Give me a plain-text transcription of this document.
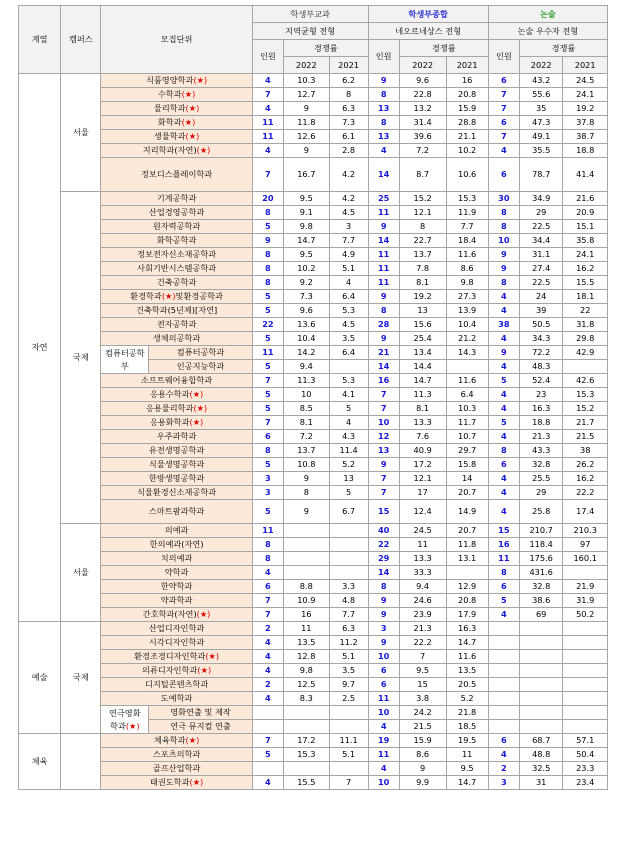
계열	캠퍼스	모집단위		학생부교과			학생부종합			논술		
				지역균형 전형			네오르네상스 전형			논술 우수자 전형		
				인원	경쟁률		인원	경쟁률		인원	경쟁률	
					2022	2021		2022	2021		2022	2021
자연	서울	식품영양학과(★)		4	10.3	6.2	9	9.6	16	6	43.2	24.5
		수학과(★)		7	12.7	8	8	22.8	20.8	7	55.6	24.1
		물리학과(★)		4	9	6.3	13	13.2	15.9	7	35	19.2
		화학과(★)		11	11.8	7.3	8	31.4	28.8	6	47.3	37.8
		생물학과(★)		11	12.6	6.1	13	39.6	21.1	7	49.1	38.7
		지리학과(자연)(★)		4	9	2.8	4	7.2	10.2	4	35.5	18.8
		정보디스플레이학과		7	16.7	4.2	14	8.7	10.6	6	78.7	41.4
	국제	기계공학과		20	9.5	4.2	25	15.2	15.3	30	34.9	21.6
		산업경영공학과		8	9.1	4.5	11	12.1	11.9	8	29	20.9
		원자력공학과		5	9.8	3	9	8	7.7	8	22.5	15.1
		화학공학과		9	14.7	7.7	14	22.7	18.4	10	34.4	35.8
		정보전자신소재공학과		8	9.5	4.9	11	13.7	11.6	9	31.1	24.1
		사회기반시스템공학과		8	10.2	5.1	11	7.8	8.6	9	27.4	16.2
		건축공학과		8	9.2	4	11	8.1	9.8	8	22.5	15.5
		환경학과(★)및환경공학과		5	7.3	6.4	9	19.2	27.3	4	24	18.1
		건축학과(5년제)[자연]		5	9.6	5.3	8	13	13.9	4	39	22
		전자공학과		22	13.6	4.5	28	15.6	10.4	38	50.5	31.8
		생체의공학과		5	10.4	3.5	9	25.4	21.2	4	34.3	29.8
		컴퓨터공학부	컴퓨터공학과	11	14.2	6.4	21	13.4	14.3	9	72.2	42.9
			인공지능학과	5	9.4		14	14.4		4	48.3	
		소프트웨어융합학과		7	11.3	5.3	16	14.7	11.6	5	52.4	42.6
		응용수학과(★)		5	10	4.1	7	11.3	6.4	4	23	15.3
		응용물리학과(★)		5	8.5	5	7	8.1	10.3	4	16.3	15.2
		응용화학과(★)		7	8.1	4	10	13.3	11.7	5	18.8	21.7
		우주과학과		6	7.2	4.3	12	7.6	10.7	4	21.3	21.5
		유전생명공학과		8	13.7	11.4	13	40.9	29.7	8	43.3	38
		식물생명공학과		5	10.8	5.2	9	17.2	15.8	6	32.8	26.2
		한방생명공학과		3	9	13	7	12.1	14	4	25.5	16.2
		식물환경신소재공학과		3	8	5	7	17	20.7	4	29	22.2
		스마트팜과학과		5	9	6.7	15	12.4	14.9	4	25.8	17.4
	서울	의예과		11			40	24.5	20.7	15	210.7	210.3
		한의예과(자연)		8			22	11	11.8	16	118.4	97
		치의예과		8			29	13.3	13.1	11	175.6	160.1
		약학과		4			14	33.3		8	431.6	
		한약학과		6	8.8	3.3	8	9.4	12.9	6	32.8	21.9
		약과학과		7	10.9	4.8	9	24.6	20.8	5	38.6	31.9
		간호학과(자연)(★)		7	16	7.7	9	23.9	17.9	4	69	50.2
예술	국제	산업디자인학과		2	11	6.3	3	21.3	16.3			
		시각디자인학과		4	13.5	11.2	9	22.2	14.7			
		환경조경디자인학과(★)		4	12.8	5.1	10	7	11.6			
		의류디자인학과(★)		4	9.8	3.5	6	9.5	13.5			
		디지털콘텐츠학과		2	12.5	9.7	6	15	20.5			
		도예학과		4	8.3	2.5	11	3.8	5.2			
		연극영화
학과(★)	영화연출 및 제작				10	24.2	21.8			
			연극 뮤지컬 연출				4	21.5	18.5			
체육		체육학과(★)		7	17.2	11.1	19	15.9	19.5	6	68.7	57.1
		스포츠의학과		5	15.3	5.1	11	8.6	11	4	48.8	50.4
		골프산업학과					4	9	9.5	2	32.5	23.3
		태권도학과(★)		4	15.5	7	10	9.9	14.7	3	31	23.4
